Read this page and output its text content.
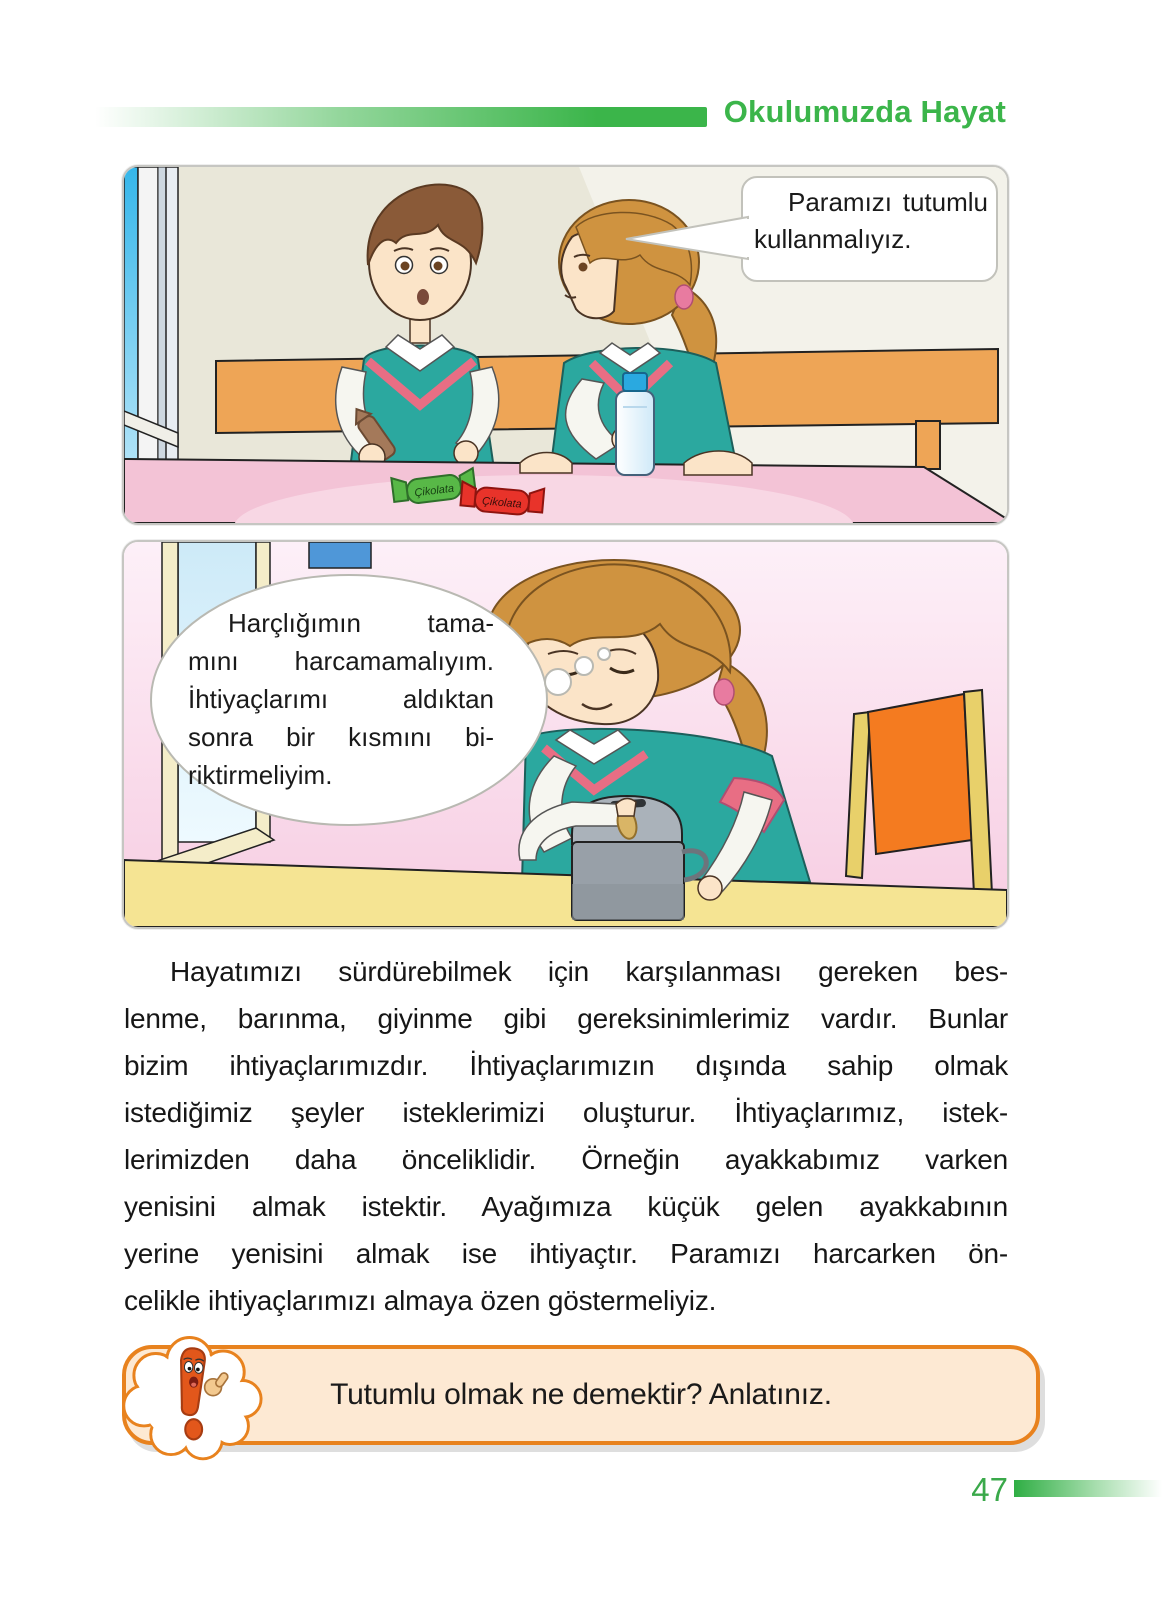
Okulumuzda Hayat
Çikolata
Çikolata
Paramızı tutumlu
kullanmalıyız.
Harçlığımın tama-
mını harcamamalıyım.
İhtiyaçlarımı aldıktan
sonra bir kısmını bi-
riktirmeliyim.
Hayatımızı sürdürebilmek için karşılanması gereken bes-
lenme, barınma, giyinme gibi gereksinimlerimiz vardır. Bunlar
bizim ihtiyaçlarımızdır. İhtiyaçlarımızın dışında sahip olmak
istediğimiz şeyler isteklerimizi oluşturur. İhtiyaçlarımız, istek-
lerimizden daha önceliklidir. Örneğin ayakkabımız varken
yenisini almak istektir. Ayağımıza küçük gelen ayakkabının
yerine yenisini almak ise ihtiyaçtır. Paramızı harcarken ön-
celikle ihtiyaçlarımızı almaya özen göstermeliyiz.
Tutumlu olmak ne demektir? Anlatınız.
47
